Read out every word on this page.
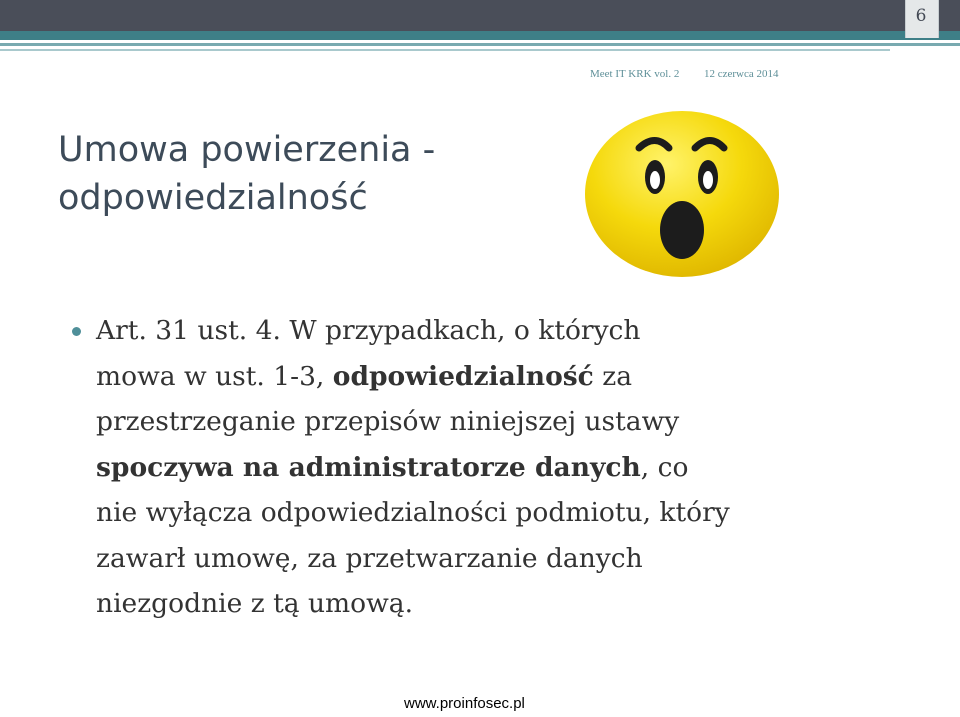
6
Meet IT KRK vol. 2 12 czerwca 2014
Umowa powierzenia -
odpowiedzialność
Art. 31 ust. 4. W przypadkach, o których
mowa w ust. 1-3, odpowiedzialność za
przestrzeganie przepisów niniejszej ustawy
spoczywa na administratorze danych, co
nie wyłącza odpowiedzialności podmiotu, który
zawarł umowę, za przetwarzanie danych
niezgodnie z tą umową.
www.proinfosec.pl
